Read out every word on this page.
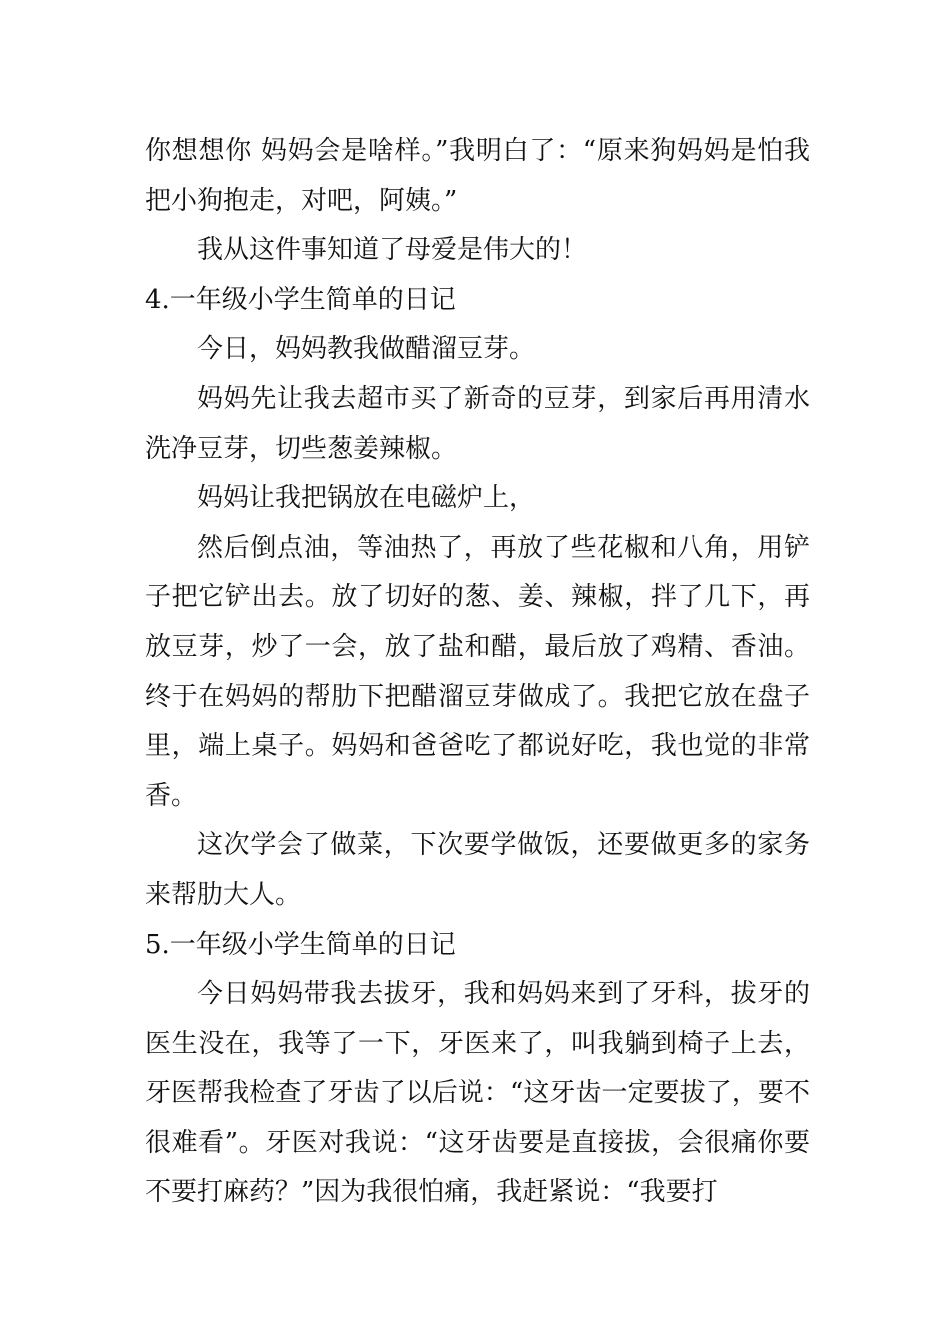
你想想你 妈妈会是啥样。”我明白了：“原来狗妈妈是怕我把小狗抱走，对吧，阿姨。”

我从这件事知道了母爱是伟大的！

4.一年级小学生简单的日记

今日，妈妈教我做醋溜豆芽。

妈妈先让我去超市买了新奇的豆芽，到家后再用清水洗净豆芽，切些葱姜辣椒。

妈妈让我把锅放在电磁炉上，

然后倒点油，等油热了，再放了些花椒和八角，用铲子把它铲出去。放了切好的葱、姜、辣椒，拌了几下，再放豆芽，炒了一会，放了盐和醋，最后放了鸡精、香油。终于在妈妈的帮肋下把醋溜豆芽做成了。我把它放在盘子里，端上桌子。妈妈和爸爸吃了都说好吃，我也觉的非常香。

这次学会了做菜，下次要学做饭，还要做更多的家务来帮肋大人。

5.一年级小学生简单的日记

今日妈妈带我去拔牙，我和妈妈来到了牙科，拔牙的医生没在，我等了一下，牙医来了，叫我躺到椅子上去，牙医帮我检查了牙齿了以后说：“这牙齿一定要拔了，要不很难看”。牙医对我说：“这牙齿要是直接拔，会很痛你要不要打麻药？”因为我很怕痛，我赶紧说：“我要打
